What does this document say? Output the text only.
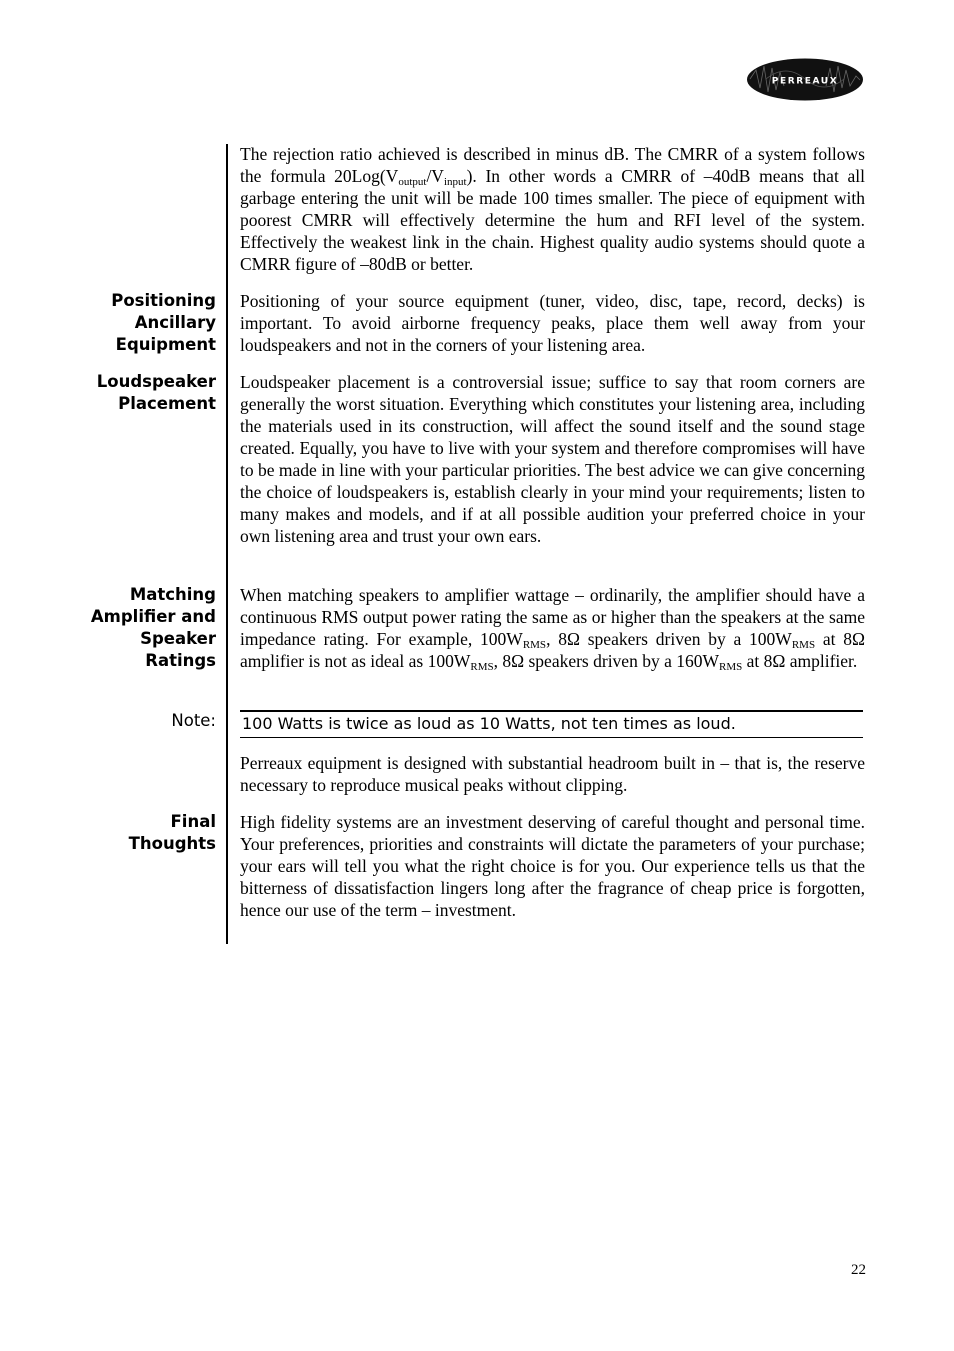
PERREAUX
The rejection ratio achieved is described in minus dB. The CMRR of a system follows the formula $20Log(V_{output}/V_{input})$. In other words a CMRR of –40dB means that all garbage entering the unit will be made 100 times smaller. The piece of equipment with poorest CMRR will effectively determine the hum and RFI level of the system. Effectively the weakest link in the chain. Highest quality audio systems should quote a CMRR figure of –80dB or better.
Positioning
Ancillary
Equipment
Positioning of your source equipment (tuner, video, disc, tape, record, decks) is important. To avoid airborne frequency peaks, place them well away from your loudspeakers and not in the corners of your listening area.
Loudspeaker
Placement
Loudspeaker placement is a controversial issue; suffice to say that room corners are generally the worst situation. Everything which constitutes your listening area, including the materials used in its construction, will affect the sound itself and the sound stage created. Equally, you have to live with your system and therefore compromises will have to be made in line with your particular priorities. The best advice we can give concerning the choice of loudspeakers is, establish clearly in your mind your requirements; listen to many makes and models, and if at all possible audition your preferred choice in your own listening area and trust your own ears.
Matching
Amplifier and
Speaker
Ratings
When matching speakers to amplifier wattage – ordinarily, the amplifier should have a continuous RMS output power rating the same as or higher than the speakers at the same impedance rating. For example, $100W_{RMS}$, 8Ω speakers driven by a $100W_{RMS}$ at 8Ω amplifier is not as ideal as $100W_{RMS}$, 8Ω speakers driven by a $160W_{RMS}$ at 8Ω amplifier.
Note: 100 Watts is twice as loud as 10 Watts, not ten times as loud.
Perreaux equipment is designed with substantial headroom built in – that is, the reserve necessary to reproduce musical peaks without clipping.
Final
Thoughts
High fidelity systems are an investment deserving of careful thought and personal time. Your preferences, priorities and constraints will dictate the parameters of your purchase; your ears will tell you what the right choice is for you. Our experience tells us that the bitterness of dissatisfaction lingers long after the fragrance of cheap price is forgotten, hence our use of the term – investment.
22
